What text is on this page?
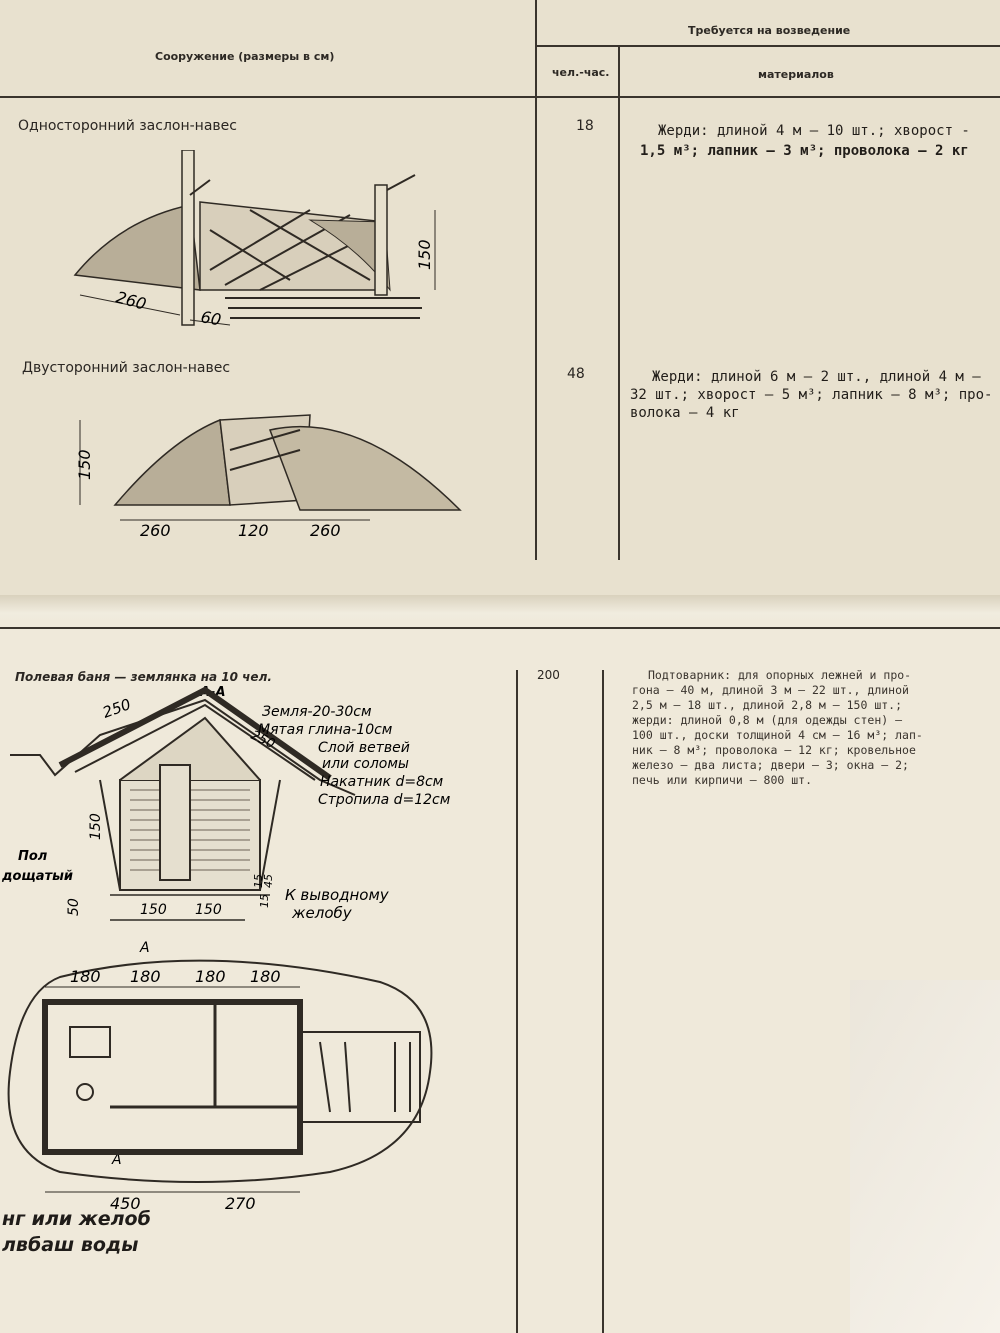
Сооружение (размеры в см)
Требуется на возведение
чел.-час.	материалов
Односторонний заслон-навес	18	Жерди: длиной 4 м — 10 шт.; хворост -
1,5 м³; лапник — 3 м³; проволока — 2 кг
260
60
150
Двусторонний заслон-навес	48	Жерди: длиной 6 м — 2 шт., длиной 4 м —
32 шт.; хворост — 5 м³; лапник — 8 м³; про-
волока — 4 кг
150
260	120	260
Полевая баня — землянка на 10 чел.	200	Подтоварник: для опорных лежней и про-
гона — 40 м, длиной 3 м — 22 шт., длиной
2,5 м — 18 шт., длиной 2,8 м — 150 шт.;
жерди: длиной 0,8 м (для одежды стен) —
100 шт., доски толщиной 4 см — 16 м³; лап-
ник — 8 м³; проволока — 12 кг; кровельное
железо — два листа; двери — 3; окна — 2;
печь или кирпичи — 800 шт.
А-А
250
250
150
15
45
15
50	150 150
Земля-20-30см
Мятая глина-10см
Слой ветвей
или соломы
Накатник d=8см
Стропила d=12см
К выводному
желобу
Пол
дощатый
А
А
180 180 180 180
450	270
нг или желоб
лвбаш воды
